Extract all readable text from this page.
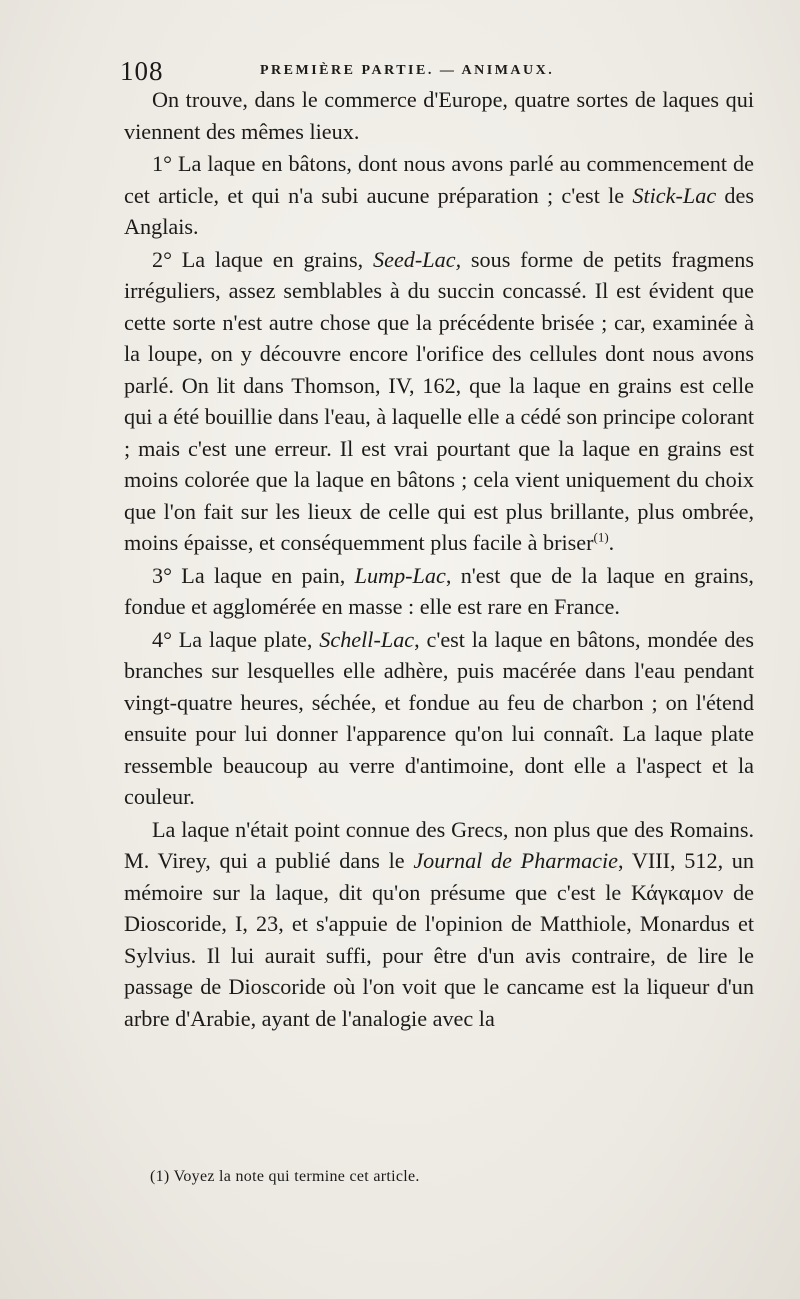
108	PREMIÈRE PARTIE. — ANIMAUX.

On trouve, dans le commerce d'Europe, quatre sortes de laques qui viennent des mêmes lieux.

1° La laque en bâtons, dont nous avons parlé au commencement de cet article, et qui n'a subi aucune préparation ; c'est le Stick-Lac des Anglais.

2° La laque en grains, Seed-Lac, sous forme de petits fragmens irréguliers, assez semblables à du succin concassé. Il est évident que cette sorte n'est autre chose que la précédente brisée ; car, examinée à la loupe, on y découvre encore l'orifice des cellules dont nous avons parlé. On lit dans Thomson, IV, 162, que la laque en grains est celle qui a été bouillie dans l'eau, à laquelle elle a cédé son principe colorant ; mais c'est une erreur. Il est vrai pourtant que la laque en grains est moins colorée que la laque en bâtons ; cela vient uniquement du choix que l'on fait sur les lieux de celle qui est plus brillante, plus ombrée, moins épaisse, et conséquemment plus facile à briser$^{(1)}$.

3° La laque en pain, Lump-Lac, n'est que de la laque en grains, fondue et agglomérée en masse : elle est rare en France.

4° La laque plate, Schell-Lac, c'est la laque en bâtons, mondée des branches sur lesquelles elle adhère, puis macérée dans l'eau pendant vingt-quatre heures, séchée, et fondue au feu de charbon ; on l'étend ensuite pour lui donner l'apparence qu'on lui connaît. La laque plate ressemble beaucoup au verre d'antimoine, dont elle a l'aspect et la couleur.

La laque n'était point connue des Grecs, non plus que des Romains. M. Virey, qui a publié dans le Journal de Pharmacie, VIII, 512, un mémoire sur la laque, dit qu'on présume que c'est le Κάγκαμον de Dioscoride, I, 23, et s'appuie de l'opinion de Matthiole, Monardus et Sylvius. Il lui aurait suffi, pour être d'un avis contraire, de lire le passage de Dioscoride où l'on voit que le cancame est la liqueur d'un arbre d'Arabie, ayant de l'analogie avec la

(1) Voyez la note qui termine cet article.
